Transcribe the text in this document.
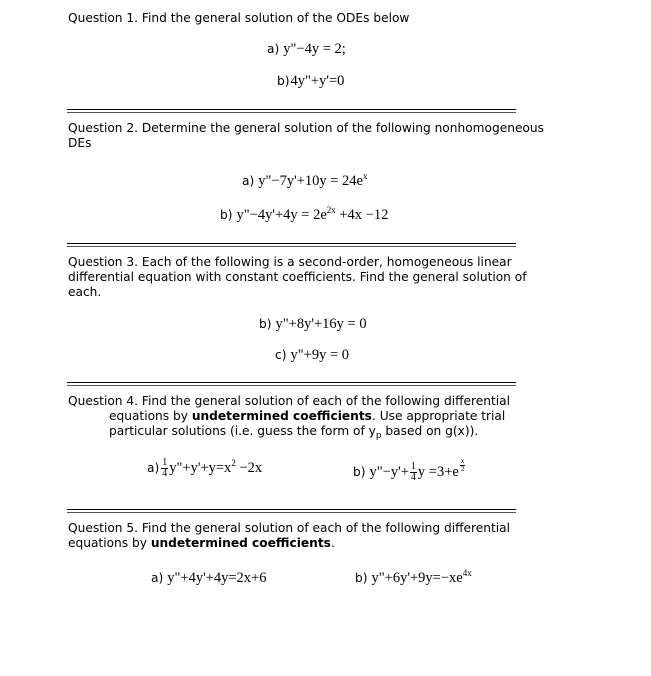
Question 1. Find the general solution of the ODEs below
a) y"−4y = 2;
b)4y"+y'=0
Question 2. Determine the general solution of the following nonhomogeneous
DEs
a) y"−7y'+10y = $24e^x$
b) y"−4y'+4y = $2e^{2x} +4x -12$
Question 3. Each of the following is a second-order, homogeneous linear
differential equation with constant coefficients. Find the general solution of
each.
b) y"+8y'+16y = 0
c) y"+9y = 0
Question 4. Find the general solution of each of the following differential
equations by undetermined coefficients. Use appropriate trial
particular solutions (i.e. guess the form of $y_p$ based on g(x)).
$a) \frac{1}{4}$ $y"+y'+y=x^2 -2x$	b) y"−y'+ $\frac{1}{4}$ y =3+e $^{\frac{x}{2}}$
Question 5. Find the general solution of each of the following differential
equations by undetermined coefficients.
a) y"+4y'+4y=2x+6	b) $y"+6y'+9y=-xe^{4x}$
